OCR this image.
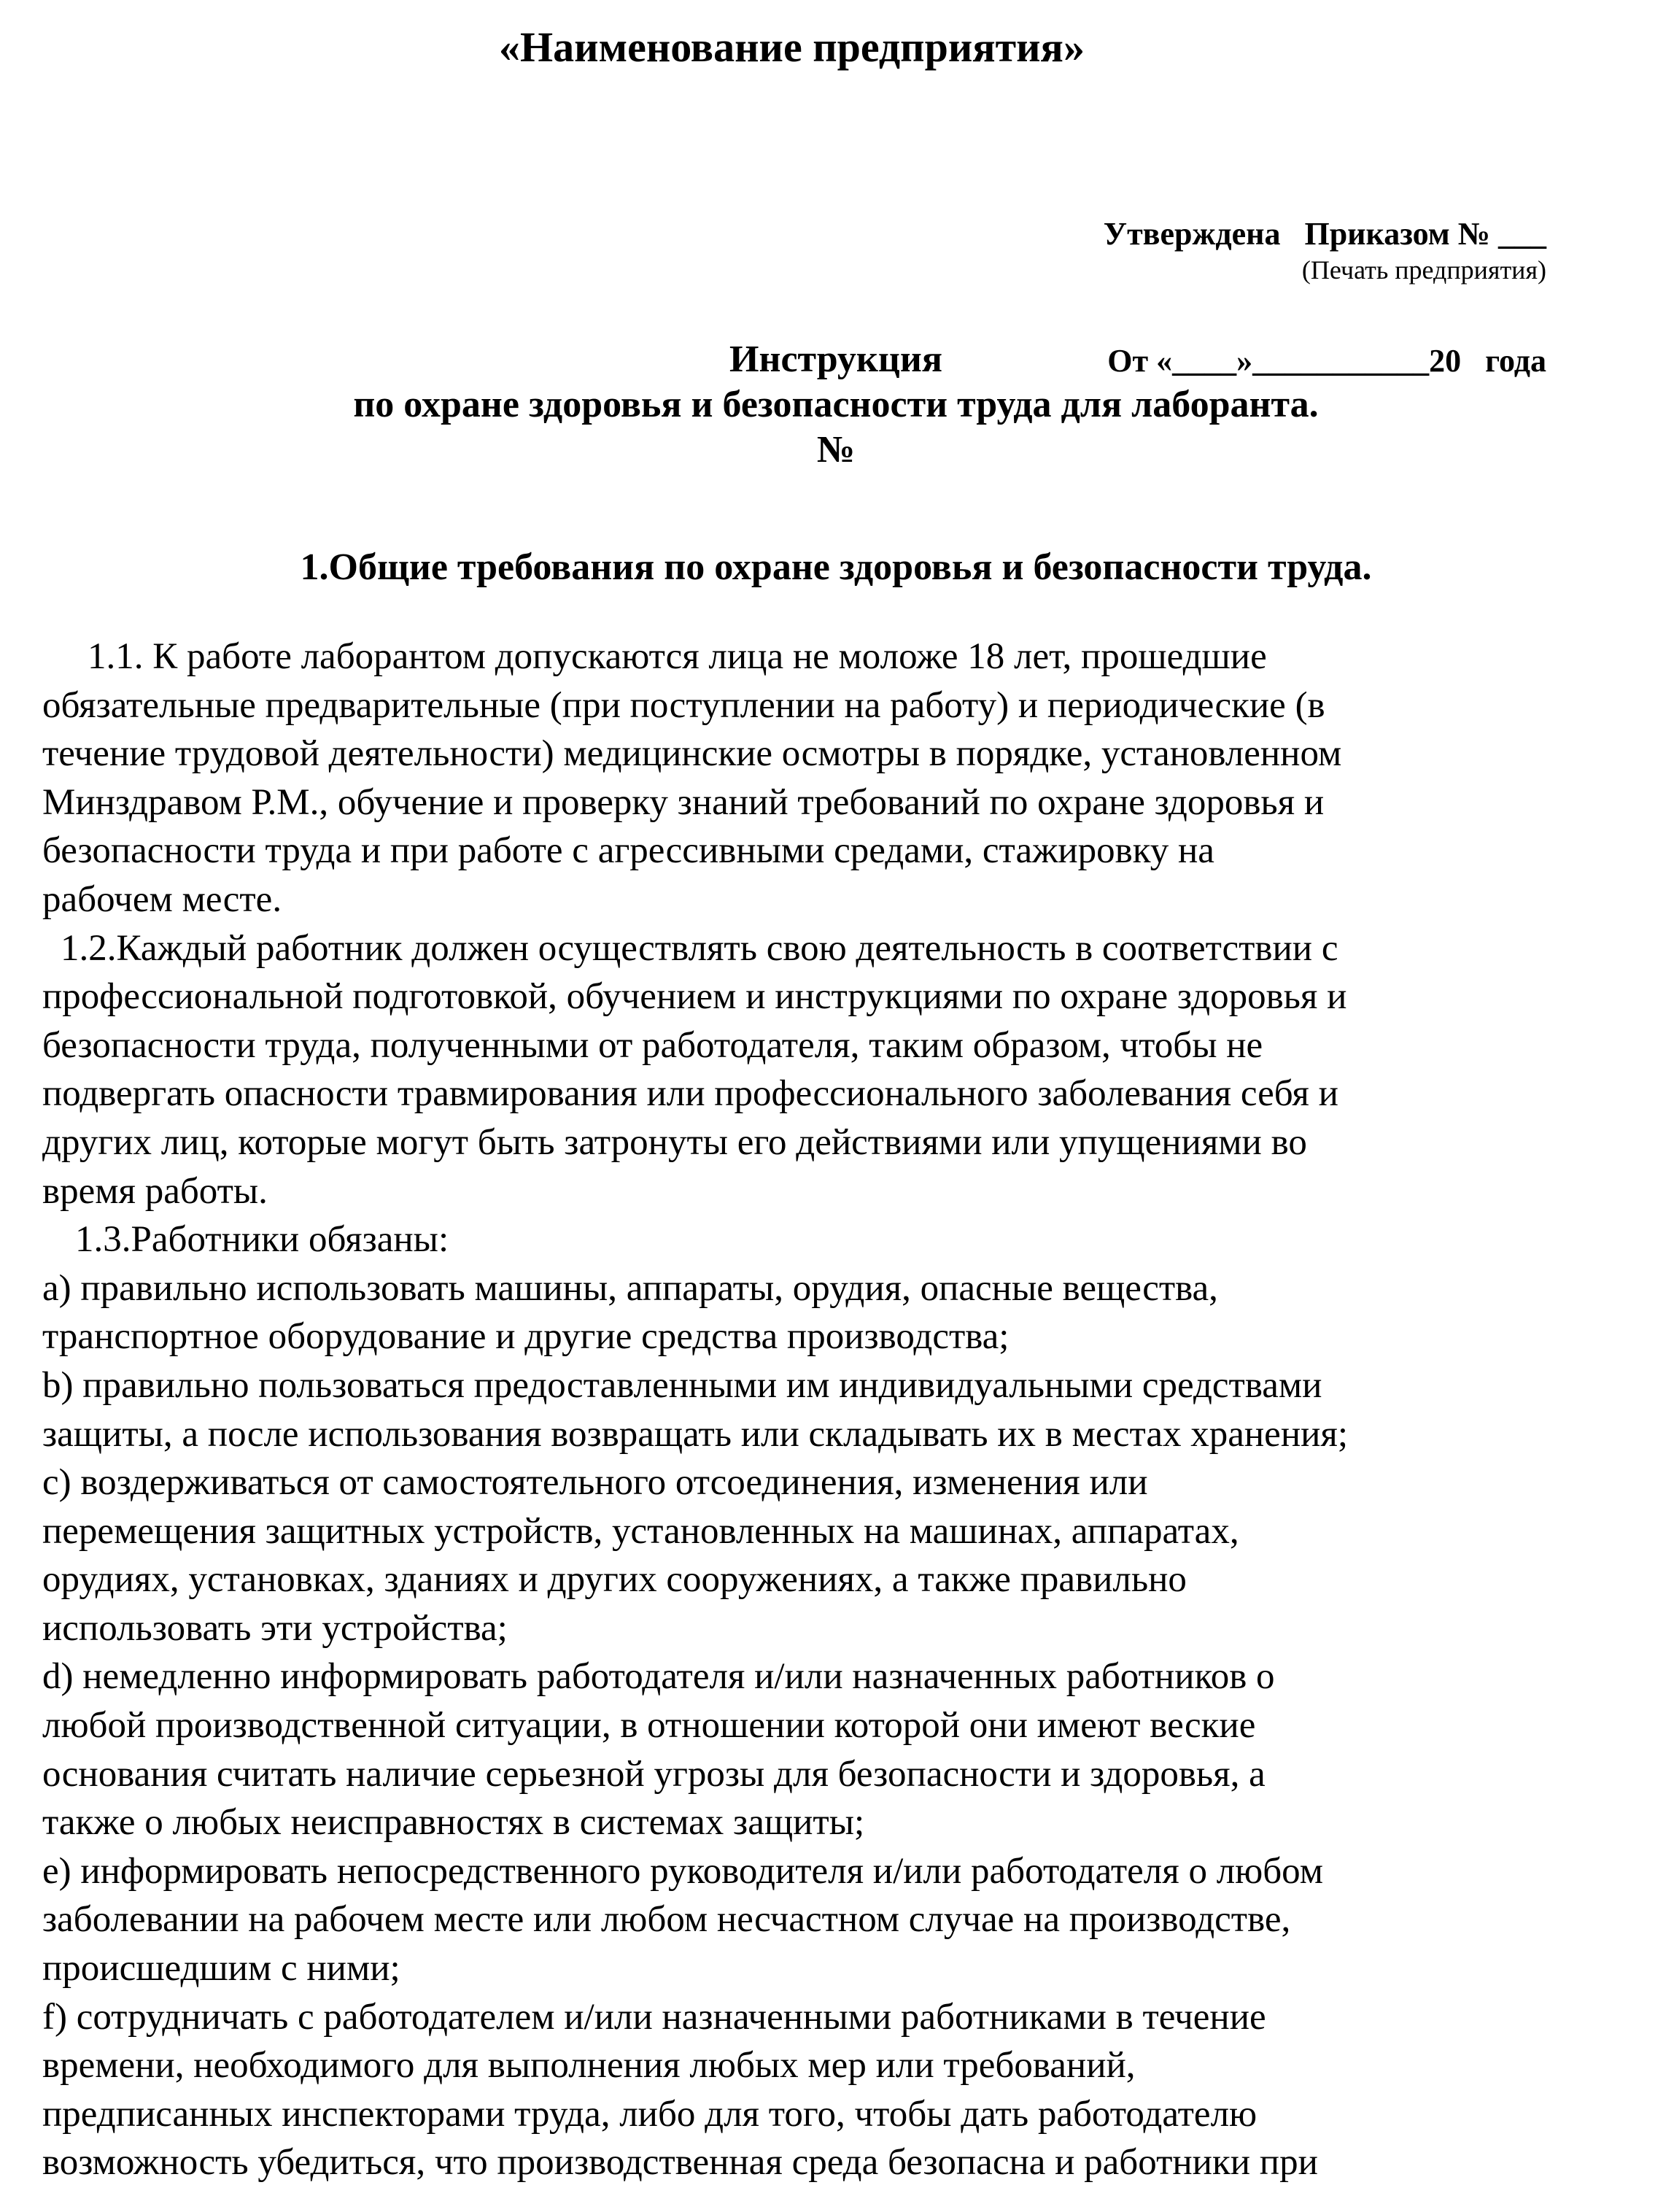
«Наименование предприятия»

Утверждена   Приказом № ___

От «____»___________20   года

(Печать предприятия)
Инструкция
по охране здоровья и безопасности труда для лаборанта.
№
1.Общие требования по охране здоровья и безопасности труда.

1.1. К работе лаборантом допускаются лица не моложе 18 лет, прошедшие

обязательные предварительные (при поступлении на работу) и периодические (в

течение трудовой деятельности) медицинские осмотры в порядке, установленном

Минздравом Р.М., обучение и проверку знаний требований по охране здоровья и

безопасности труда и при работе с агрессивными средами, стажировку на

рабочем месте.

1.2.Каждый работник должен осуществлять свою деятельность в соответствии с

профессиональной подготовкой, обучением и инструкциями по охране здоровья и

безопасности труда, полученными от работодателя, таким образом, чтобы не

подвергать опасности травмирования или профессионального заболевания себя и

других лиц, которые могут быть затронуты его действиями или упущениями во

время работы.

1.3.Работники обязаны:

a) правильно использовать машины, аппараты, орудия, опасные вещества,

транспортное оборудование и другие средства производства;

b) правильно пользоваться предоставленными им индивидуальными средствами

защиты, а после использования возвращать или складывать их в местах хранения;

c) воздерживаться от самостоятельного отсоединения, изменения или

перемещения защитных устройств, установленных на машинах, аппаратах,

орудиях, установках, зданиях и других сооружениях, а также правильно

использовать эти устройства;

d) немедленно информировать работодателя и/или назначенных работников о

любой производственной ситуации, в отношении которой они имеют веские

основания считать наличие серьезной угрозы для безопасности и здоровья, а

также о любых неисправностях в системах защиты;

e) информировать непосредственного руководителя и/или работодателя о любом

заболевании на рабочем месте или любом несчастном случае на производстве,

происшедшим с ними;

f) сотрудничать с работодателем и/или назначенными работниками в течение

времени, необходимого для выполнения любых мер или требований,

предписанных инспекторами труда, либо для того, чтобы дать работодателю

возможность убедиться, что производственная среда безопасна и работники при
